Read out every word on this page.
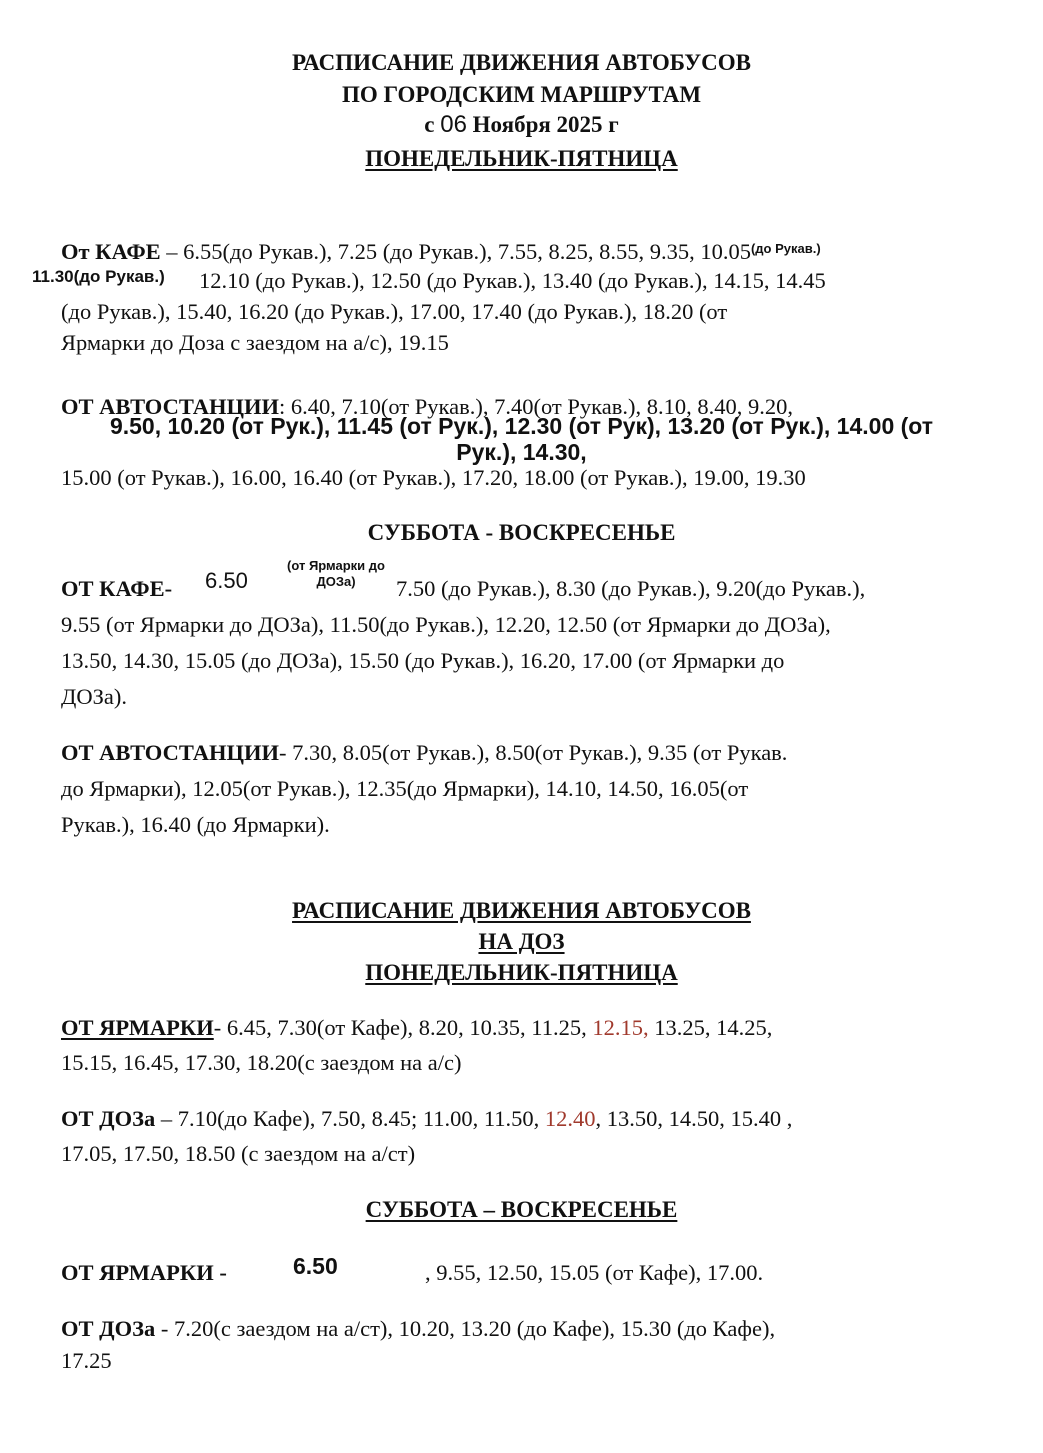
РАСПИСАНИЕ ДВИЖЕНИЯ АВТОБУСОВ
ПО ГОРОДСКИМ МАРШРУТАМ
с 06 Ноября 2025 г
ПОНЕДЕЛЬНИК-ПЯТНИЦА
От КАФЕ – 6.55(до Рукав.), 7.25 (до Рукав.), 7.55, 8.25, 8.55, 9.35, $10.05^{(до Рукав.)}$
11.30(до Рукав.) 12.10 (до Рукав.), 12.50 (до Рукав.), 13.40 (до Рукав.), 14.15, 14.45
(до Рукав.), 15.40, 16.20 (до Рукав.), 17.00, 17.40 (до Рукав.), 18.20 (от
Ярмарки до Доза с заездом на а/с), 19.15
ОТ АВТОСТАНЦИИ: 6.40, 7.10(от Рукав.), 7.40(от Рукав.), 8.10, 8.40, 9.20,
9.50, 10.20 (от Рук.), 11.45 (от Рук.), 12.30 (от Рук), 13.20 (от Рук.), 14.00 (от
Рук.), 14.30,
15.00 (от Рукав.), 16.00, 16.40 (от Рукав.), 17.20, 18.00 (от Рукав.), 19.00, 19.30
СУББОТА - ВОСКРЕСЕНЬЕ
(от Ярмарки до
ДОЗа)
ОТ КАФЕ- 6.50	7.50 (до Рукав.), 8.30 (до Рукав.), 9.20(до Рукав.),
9.55 (от Ярмарки до ДОЗа), 11.50(до Рукав.), 12.20, 12.50 (от Ярмарки до ДОЗа),
13.50, 14.30, 15.05 (до ДОЗа), 15.50 (до Рукав.), 16.20, 17.00 (от Ярмарки до
ДОЗа).
ОТ АВТОСТАНЦИИ- 7.30, 8.05(от Рукав.), 8.50(от Рукав.), 9.35 (от Рукав.
до Ярмарки), 12.05(от Рукав.), 12.35(до Ярмарки), 14.10, 14.50, 16.05(от
Рукав.), 16.40 (до Ярмарки).
РАСПИСАНИЕ ДВИЖЕНИЯ АВТОБУСОВ
НА ДОЗ
ПОНЕДЕЛЬНИК-ПЯТНИЦА
ОТ ЯРМАРКИ- 6.45, 7.30(от Кафе), 8.20, 10.35, 11.25, 12.15, 13.25, 14.25,
15.15, 16.45, 17.30, 18.20(с заездом на а/с)
ОТ ДОЗа – 7.10(до Кафе), 7.50, 8.45; 11.00, 11.50, 12.40, 13.50, 14.50, 15.40 ,
17.05, 17.50, 18.50 (с заездом на а/ст)
СУББОТА – ВОСКРЕСЕНЬЕ
ОТ ЯРМАРКИ -	6.50	, 9.55, 12.50, 15.05 (от Кафе), 17.00.
ОТ ДОЗа - 7.20(с заездом на а/ст), 10.20, 13.20 (до Кафе), 15.30 (до Кафе),
17.25
